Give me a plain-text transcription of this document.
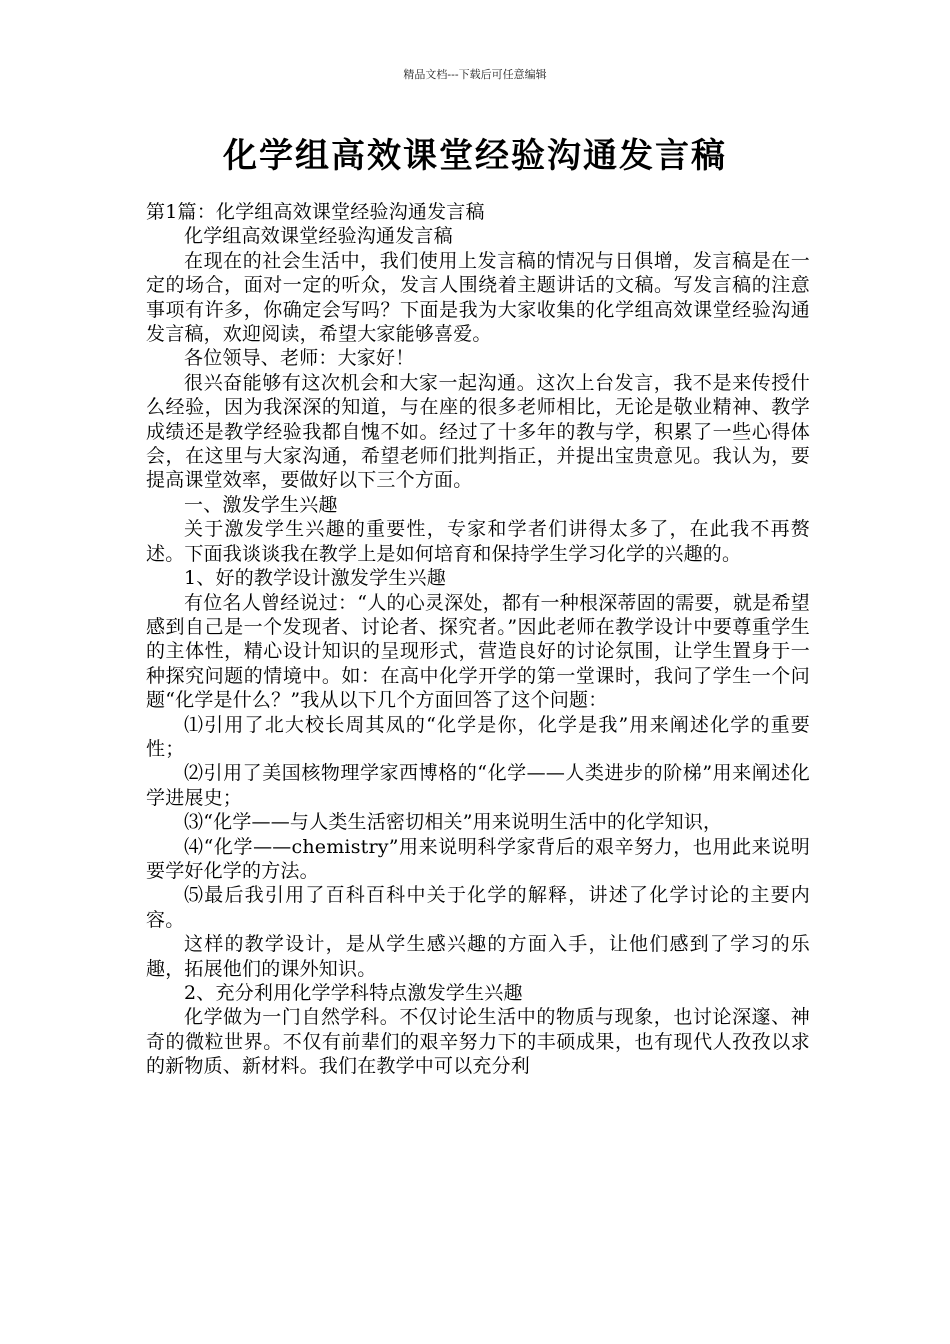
精品文档---下载后可任意编辑
化学组高效课堂经验沟通发言稿

第1篇：化学组高效课堂经验沟通发言稿

化学组高效课堂经验沟通发言稿

在现在的社会生活中，我们使用上发言稿的情况与日俱增，发言稿是在一定的场合，面对一定的听众，发言人围绕着主题讲话的文稿。写发言稿的注意事项有许多，你确定会写吗？下面是我为大家收集的化学组高效课堂经验沟通发言稿，欢迎阅读，希望大家能够喜爱。

各位领导、老师：大家好！

很兴奋能够有这次机会和大家一起沟通。这次上台发言，我不是来传授什么经验，因为我深深的知道，与在座的很多老师相比，无论是敬业精神、教学成绩还是教学经验我都自愧不如。经过了十多年的教与学，积累了一些心得体会，在这里与大家沟通，希望老师们批判指正，并提出宝贵意见。我认为，要提高课堂效率，要做好以下三个方面。

一、激发学生兴趣

关于激发学生兴趣的重要性，专家和学者们讲得太多了，在此我不再赘述。下面我谈谈我在教学上是如何培育和保持学生学习化学的兴趣的。

1、好的教学设计激发学生兴趣

有位名人曾经说过：“人的心灵深处，都有一种根深蒂固的需要，就是希望感到自己是一个发现者、讨论者、探究者。”因此老师在教学设计中要尊重学生的主体性，精心设计知识的呈现形式，营造良好的讨论氛围，让学生置身于一种探究问题的情境中。如：在高中化学开学的第一堂课时，我问了学生一个问题“化学是什么？”我从以下几个方面回答了这个问题：

⑴引用了北大校长周其凤的“化学是你，化学是我”用来阐述化学的重要性；

⑵引用了美国核物理学家西博格的“化学——人类进步的阶梯”用来阐述化学进展史；

⑶“化学——与人类生活密切相关”用来说明生活中的化学知识，

⑷“化学——chemistry”用来说明科学家背后的艰辛努力，也用此来说明要学好化学的方法。

⑸最后我引用了百科百科中关于化学的解释，讲述了化学讨论的主要内容。

这样的教学设计，是从学生感兴趣的方面入手，让他们感到了学习的乐趣，拓展他们的课外知识。

2、充分利用化学学科特点激发学生兴趣

化学做为一门自然学科。不仅讨论生活中的物质与现象，也讨论深邃、神奇的微粒世界。不仅有前辈们的艰辛努力下的丰硕成果，也有现代人孜孜以求的新物质、新材料。我们在教学中可以充分利
